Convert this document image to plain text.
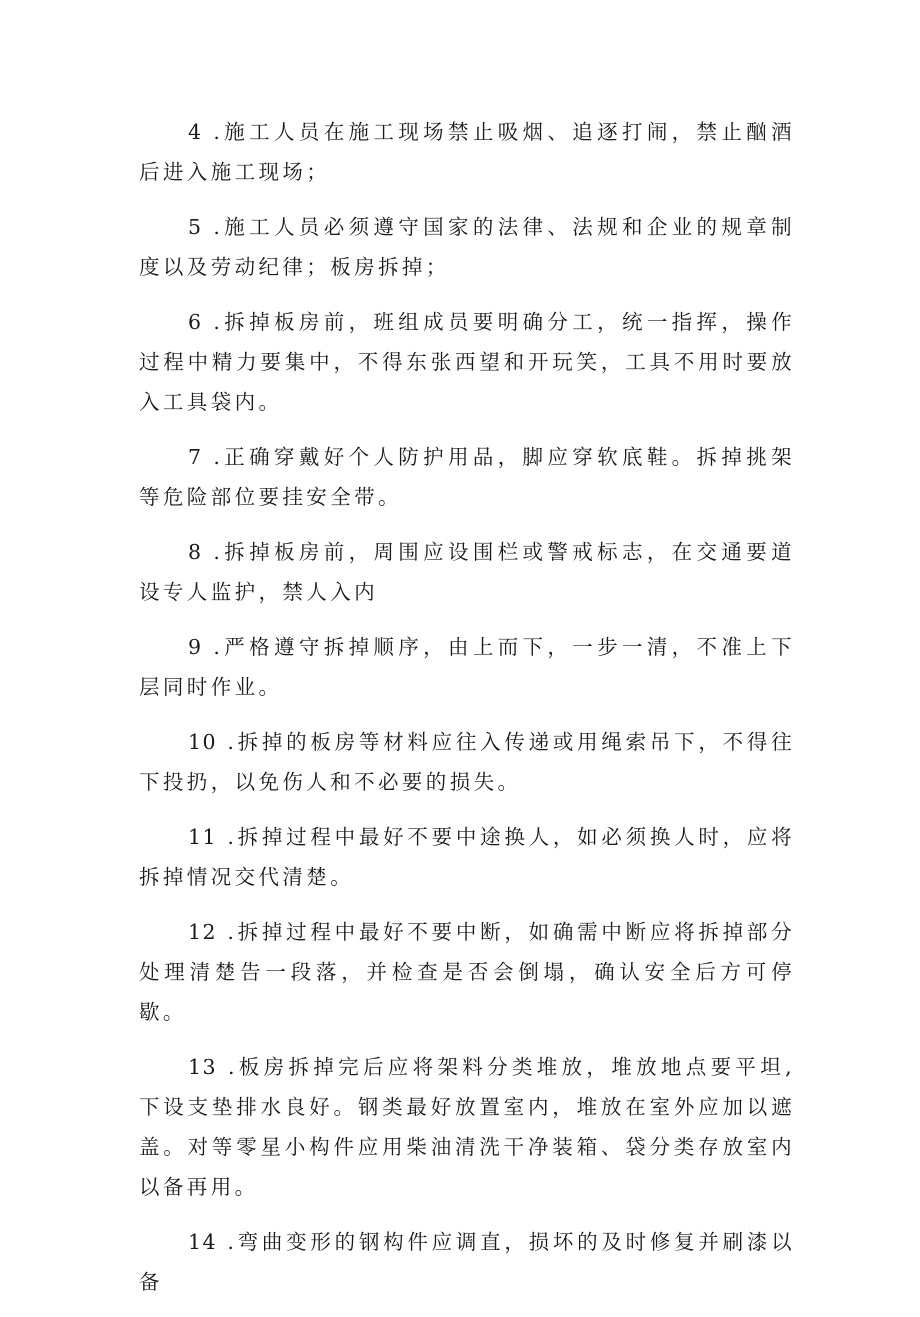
4 .施工人员在施工现场禁止吸烟、追逐打闹，禁止酗酒后进入施工现场；

5 .施工人员必须遵守国家的法律、法规和企业的规章制度以及劳动纪律；板房拆掉；

6 .拆掉板房前，班组成员要明确分工，统一指挥，操作过程中精力要集中，不得东张西望和开玩笑，工具不用时要放入工具袋内。

7 .正确穿戴好个人防护用品，脚应穿软底鞋。拆掉挑架等危险部位要挂安全带。

8 .拆掉板房前，周围应设围栏或警戒标志，在交通要道设专人监护，禁人入内

9 .严格遵守拆掉顺序，由上而下，一步一清，不准上下层同时作业。

10 .拆掉的板房等材料应往入传递或用绳索吊下，不得往下投扔，以免伤人和不必要的损失。

11 .拆掉过程中最好不要中途换人，如必须换人时，应将拆掉情况交代清楚。

12 .拆掉过程中最好不要中断，如确需中断应将拆掉部分处理清楚告一段落，并检查是否会倒塌，确认安全后方可停歇。

13 .板房拆掉完后应将架料分类堆放，堆放地点要平坦,下设支垫排水良好。钢类最好放置室内，堆放在室外应加以遮盖。对等零星小构件应用柴油清洗干净装箱、袋分类存放室内以备再用。

14 .弯曲变形的钢构件应调直，损坏的及时修复并刷漆以备
